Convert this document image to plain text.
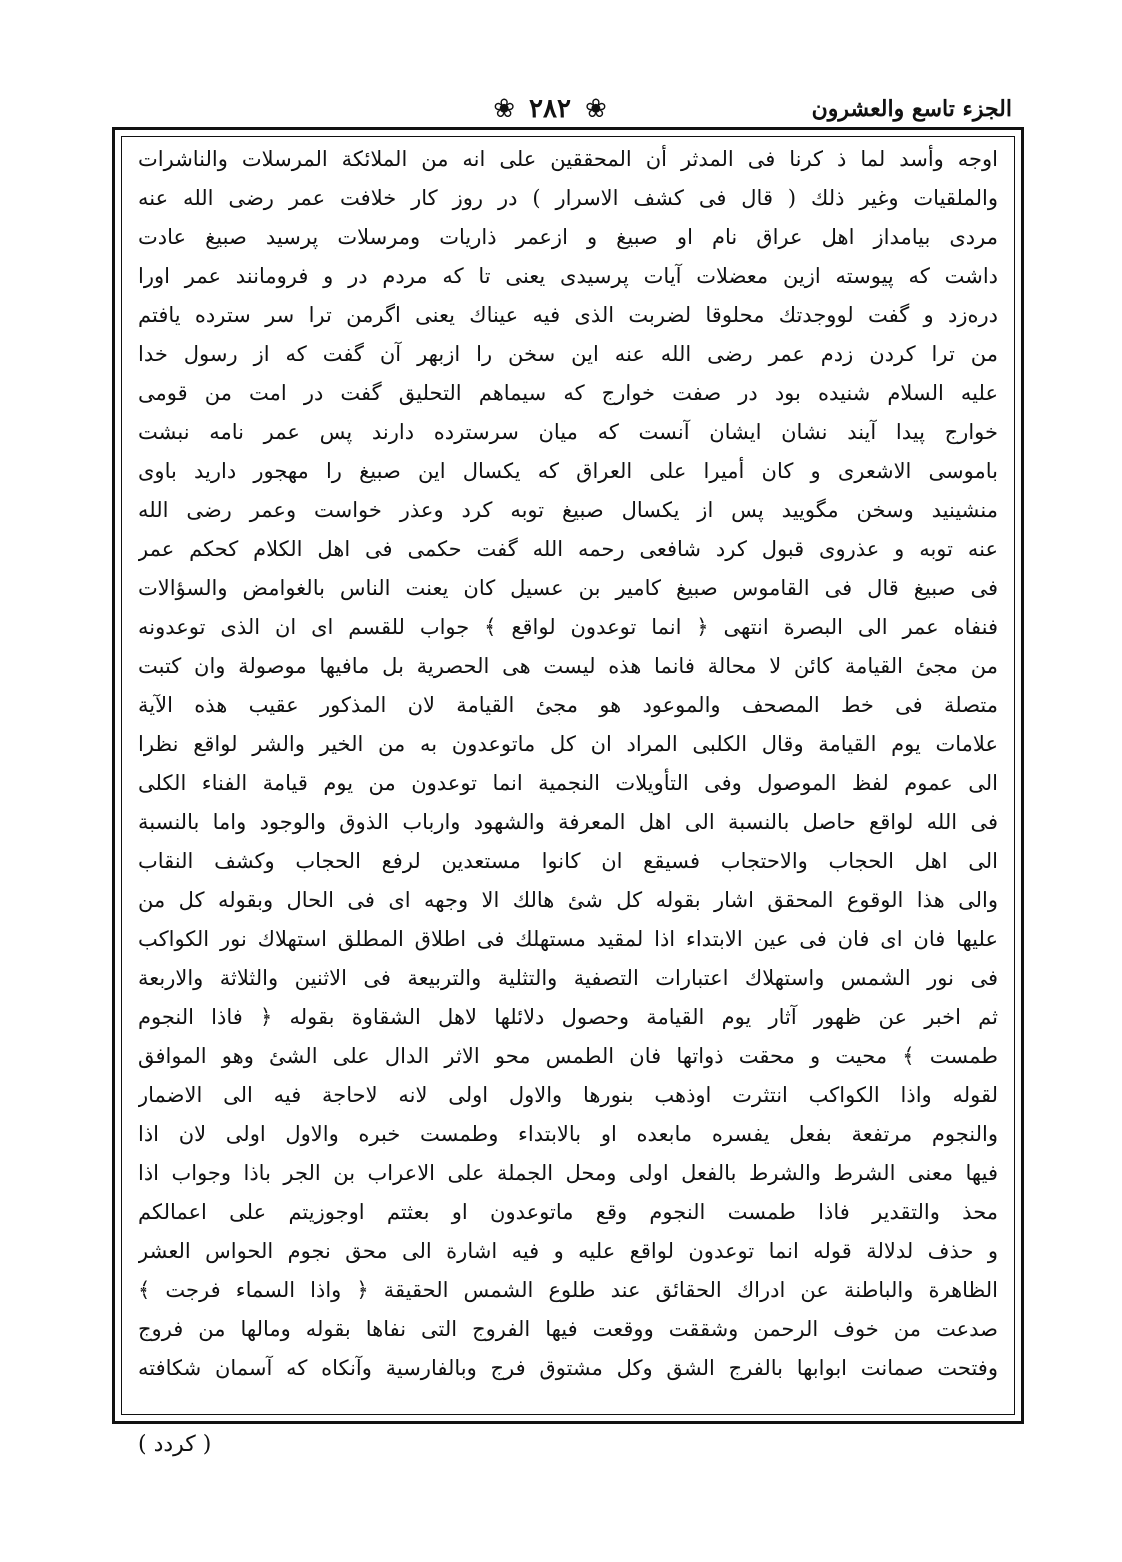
الجزء تاسع والعشرون
❀ ٢٨٢ ❀
اوجه وأسد لما ذ كرنا فى المدثر أن المحققين على انه من الملائكة المرسلات والناشرات
والملقيات وغير ذلك ( قال فى كشف الاسرار ) در روز كار خلافت عمر رضى الله عنه
مردى بيامداز اهل عراق نام او صبيغ و ازعمر ذاريات ومرسلات پرسيد صبيغ عادت
داشت كه پيوسته ازين معضلات آيات پرسيدى يعنى تا كه مردم در و فرومانند عمر اورا
درەزد و گفت لووجدتك محلوقا لضربت الذى فيه عيناك يعنى اگرمن ترا سر سترده يافتم
من ترا كردن زدم عمر رضى الله عنه اين سخن را ازبهر آن گفت كه از رسول خدا
عليه السلام شنيده بود در صفت خوارج كه سيماهم التحليق گفت در امت من قومى
خوارج پيدا آيند نشان ايشان آنست كه ميان سرسترده دارند پس عمر نامه نبشت
باموسى الاشعرى و كان أميرا على العراق كه يكسال اين صبيغ را مهجور داريد باوى
منشينيد وسخن مگوييد پس از يكسال صبيغ توبه كرد وعذر خواست وعمر رضى الله
عنه توبه و عذروى قبول كرد شافعى رحمه الله گفت حكمى فى اهل الكلام كحكم عمر
فى صبيغ قال فى القاموس صبيغ كامير بن عسيل كان يعنت الناس بالغوامض والسؤالات
فنفاه عمر الى البصرة انتهى ﴿ انما توعدون لواقع ﴾ جواب للقسم اى ان الذى توعدونه
من مجئ القيامة كائن لا محالة فانما هذه ليست هى الحصرية بل مافيها موصولة وان كتبت
متصلة فى خط المصحف والموعود هو مجئ القيامة لان المذكور عقيب هذه الآية
علامات يوم القيامة وقال الكلبى المراد ان كل ماتوعدون به من الخير والشر لواقع نظرا
الى عموم لفظ الموصول وفى التأويلات النجمية انما توعدون من يوم قيامة الفناء الكلى
فى الله لواقع حاصل بالنسبة الى اهل المعرفة والشهود وارباب الذوق والوجود واما بالنسبة
الى اهل الحجاب والاحتجاب فسيقع ان كانوا مستعدين لرفع الحجاب وكشف النقاب
والى هذا الوقوع المحقق اشار بقوله كل شئ هالك الا وجهه اى فى الحال وبقوله كل من
عليها فان اى فان فى عين الابتداء اذا لمقيد مستهلك فى اطلاق المطلق استهلاك نور الكواكب
فى نور الشمس واستهلاك اعتبارات التصفية والتثلية والتربيعة فى الاثنين والثلاثة والاربعة
ثم اخبر عن ظهور آثار يوم القيامة وحصول دلائلها لاهل الشقاوة بقوله ﴿ فاذا النجوم
طمست ﴾ محيت و محقت ذواتها فان الطمس محو الاثر الدال على الشئ وهو الموافق
لقوله واذا الكواكب انتثرت اوذهب بنورها والاول اولى لانه لاحاجة فيه الى الاضمار
والنجوم مرتفعة بفعل يفسره مابعده او بالابتداء وطمست خبره والاول اولى لان اذا
فيها معنى الشرط والشرط بالفعل اولى ومحل الجملة على الاعراب بن الجر باذا وجواب اذا
محذ والتقدير فاذا طمست النجوم وقع ماتوعدون او بعثتم اوجوزيتم على اعمالكم
و حذف لدلالة قوله انما توعدون لواقع عليه و فيه اشارة الى محق نجوم الحواس العشر
الظاهرة والباطنة عن ادراك الحقائق عند طلوع الشمس الحقيقة ﴿ واذا السماء فرجت ﴾
صدعت من خوف الرحمن وشققت ووقعت فيها الفروج التى نفاها بقوله ومالها من فروج
وفتحت صمانت ابوابها بالفرج الشق وكل مشتوق فرج وبالفارسية وآنكاه كه آسمان شكافته
( كردد )
